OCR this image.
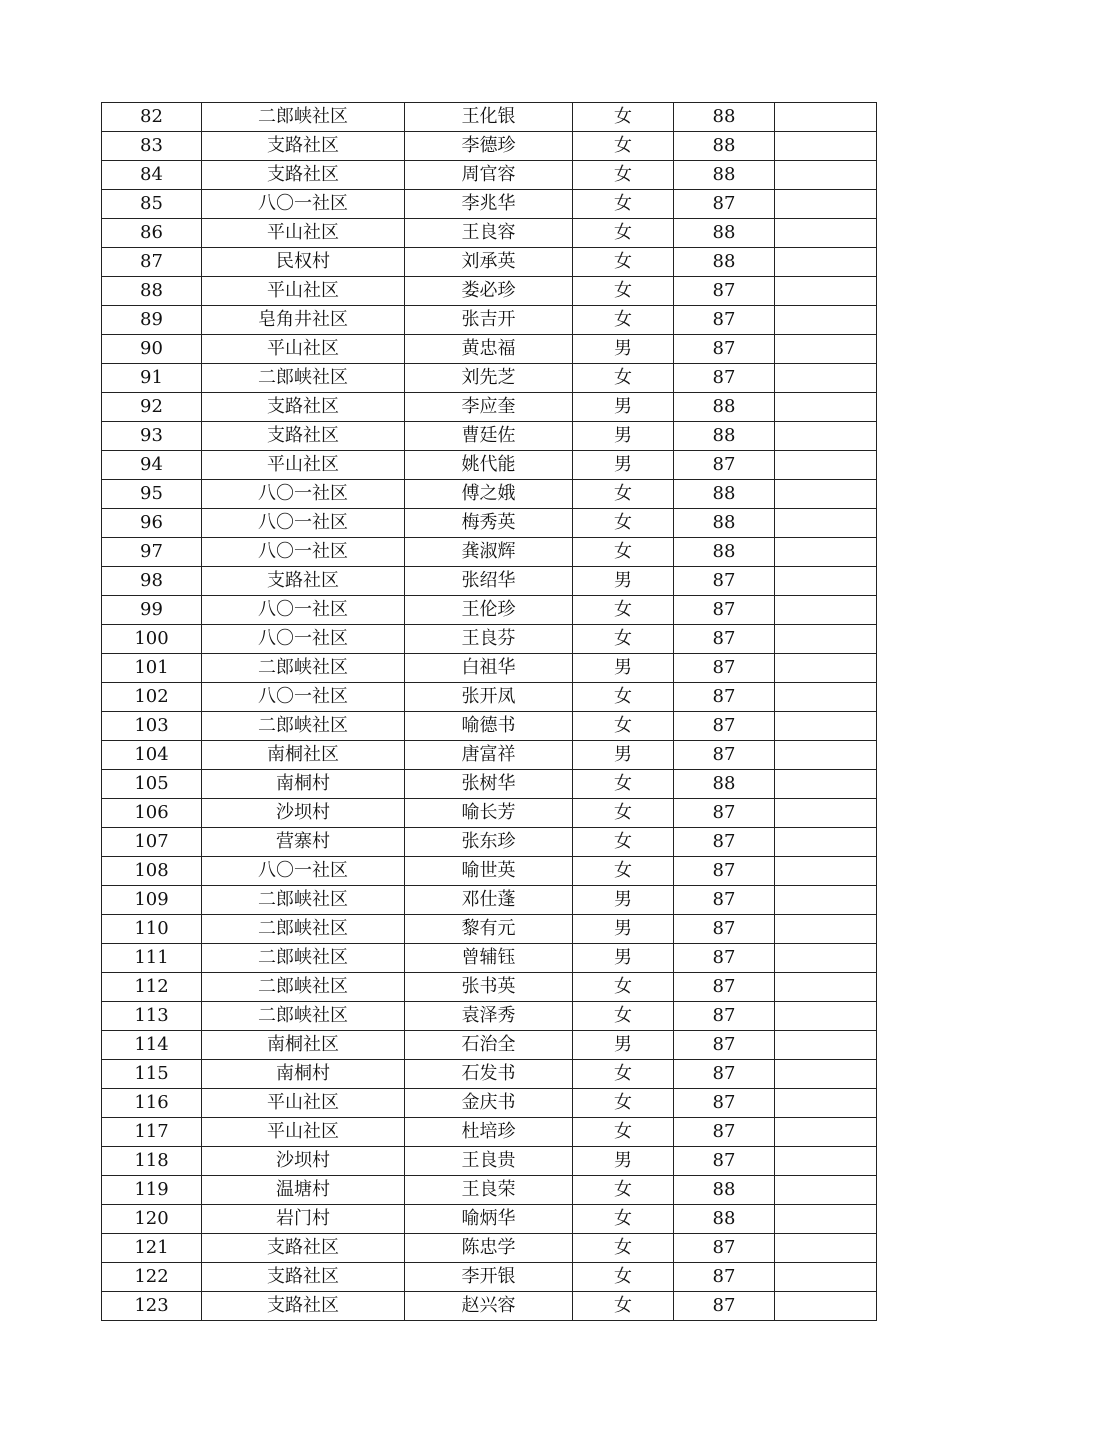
82	二郎峡社区	王化银	女	88	
83	支路社区	李德珍	女	88	
84	支路社区	周官容	女	88	
85	八〇一社区	李兆华	女	87	
86	平山社区	王良容	女	88	
87	民权村	刘承英	女	88	
88	平山社区	娄必珍	女	87	
89	皂角井社区	张吉开	女	87	
90	平山社区	黄忠福	男	87	
91	二郎峡社区	刘先芝	女	87	
92	支路社区	李应奎	男	88	
93	支路社区	曹廷佐	男	88	
94	平山社区	姚代能	男	87	
95	八〇一社区	傅之娥	女	88	
96	八〇一社区	梅秀英	女	88	
97	八〇一社区	龚淑辉	女	88	
98	支路社区	张绍华	男	87	
99	八〇一社区	王伦珍	女	87	
100	八〇一社区	王良芬	女	87	
101	二郎峡社区	白祖华	男	87	
102	八〇一社区	张开凤	女	87	
103	二郎峡社区	喻德书	女	87	
104	南桐社区	唐富祥	男	87	
105	南桐村	张树华	女	88	
106	沙坝村	喻长芳	女	87	
107	营寨村	张东珍	女	87	
108	八〇一社区	喻世英	女	87	
109	二郎峡社区	邓仕蓬	男	87	
110	二郎峡社区	黎有元	男	87	
111	二郎峡社区	曾辅钰	男	87	
112	二郎峡社区	张书英	女	87	
113	二郎峡社区	袁泽秀	女	87	
114	南桐社区	石治全	男	87	
115	南桐村	石发书	女	87	
116	平山社区	金庆书	女	87	
117	平山社区	杜培珍	女	87	
118	沙坝村	王良贵	男	87	
119	温塘村	王良荣	女	88	
120	岩门村	喻炳华	女	88	
121	支路社区	陈忠学	女	87	
122	支路社区	李开银	女	87	
123	支路社区	赵兴容	女	87	
